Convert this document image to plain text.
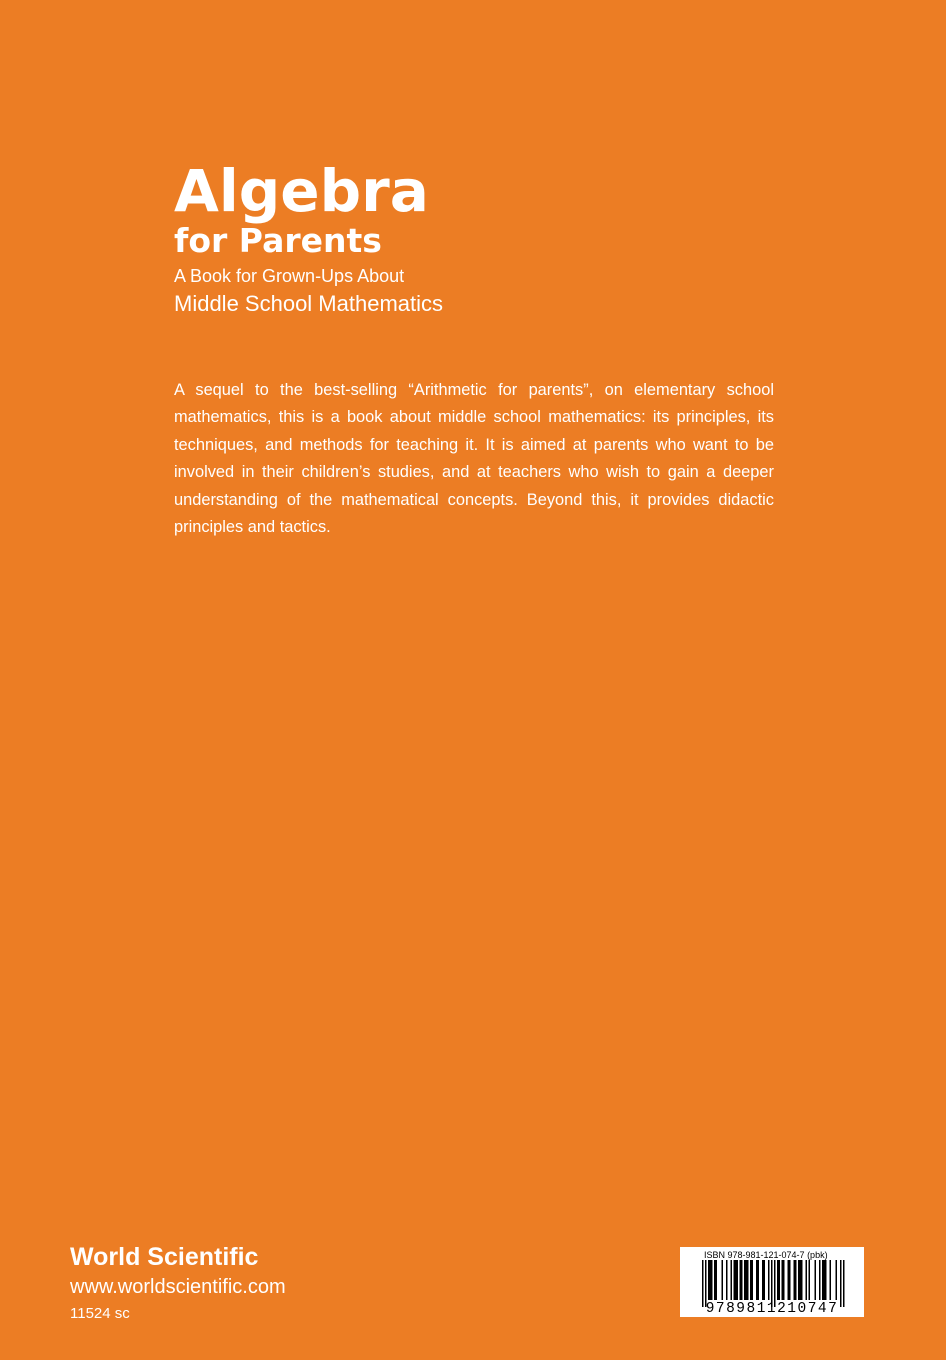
Algebra
for Parents
A Book for Grown-Ups About
Middle School Mathematics
A sequel to the best-selling “Arithmetic for parents”, on elementary school mathematics, this is a book about middle school mathematics: its principles, its techniques, and methods for teaching it. It is aimed at parents who want to be involved in their children’s studies, and at teachers who wish to gain a deeper understanding of the mathematical concepts. Beyond this, it provides didactic principles and tactics.
World Scientific
www.worldscientific.com
11524 sc
ISBN 978-981-121-074-7 (pbk)
9789811210747
